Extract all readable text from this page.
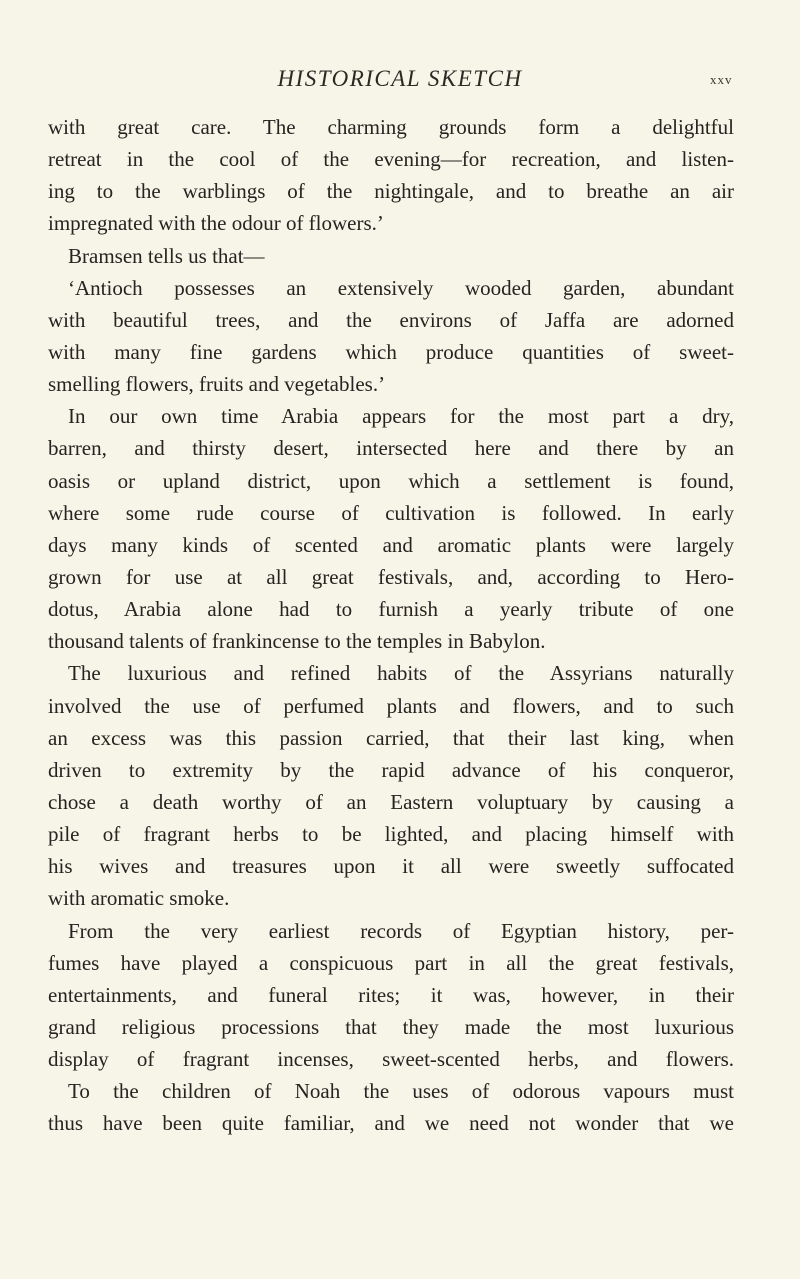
HISTORICAL SKETCH	xxv
with great care. The charming grounds form a delightful
retreat in the cool of the evening—for recreation, and listen-
ing to the warblings of the nightingale, and to breathe an air
impregnated with the odour of flowers.’
Bramsen tells us that—
‘Antioch possesses an extensively wooded garden, abundant
with beautiful trees, and the environs of Jaffa are adorned
with many fine gardens which produce quantities of sweet-
smelling flowers, fruits and vegetables.’
In our own time Arabia appears for the most part a dry,
barren, and thirsty desert, intersected here and there by an
oasis or upland district, upon which a settlement is found,
where some rude course of cultivation is followed. In early
days many kinds of scented and aromatic plants were largely
grown for use at all great festivals, and, according to Hero-
dotus, Arabia alone had to furnish a yearly tribute of one
thousand talents of frankincense to the temples in Babylon.
The luxurious and refined habits of the Assyrians naturally
involved the use of perfumed plants and flowers, and to such
an excess was this passion carried, that their last king, when
driven to extremity by the rapid advance of his conqueror,
chose a death worthy of an Eastern voluptuary by causing a
pile of fragrant herbs to be lighted, and placing himself with
his wives and treasures upon it all were sweetly suffocated
with aromatic smoke.
From the very earliest records of Egyptian history, per-
fumes have played a conspicuous part in all the great festivals,
entertainments, and funeral rites; it was, however, in their
grand religious processions that they made the most luxurious
display of fragrant incenses, sweet-scented herbs, and flowers.
To the children of Noah the uses of odorous vapours must
thus have been quite familiar, and we need not wonder that we
